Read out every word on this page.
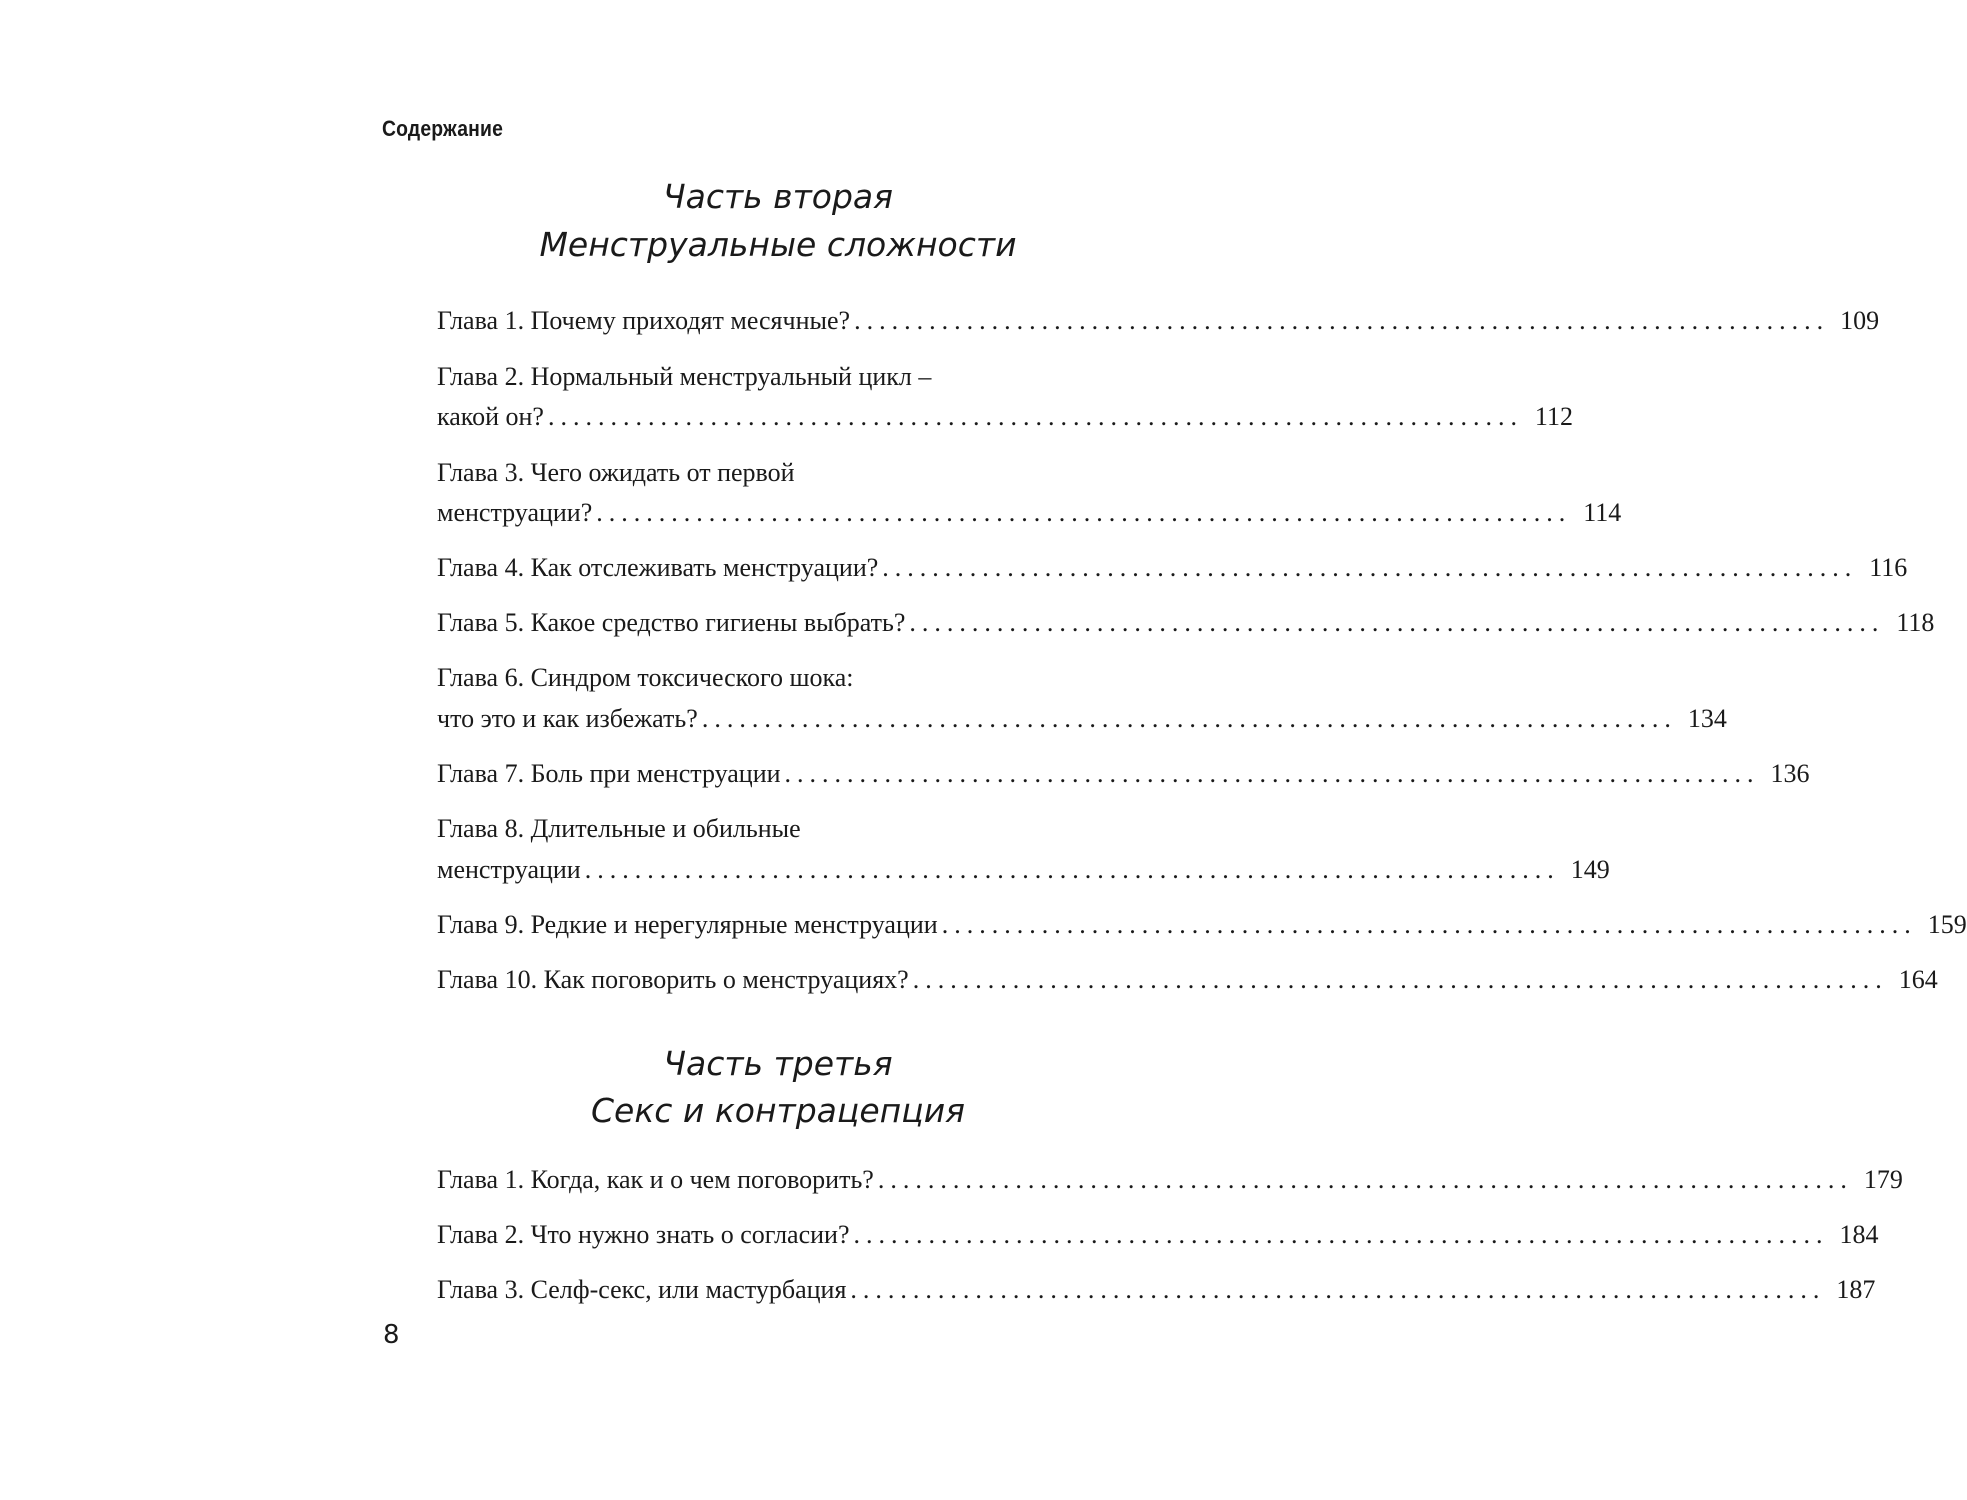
Содержание
Часть вторая
Менструальные сложности
Глава 1. Почему приходят месячные? .............................................................................. 109
Глава 2. Нормальный менструальный цикл –
какой он? .............................................................................. 112
Глава 3. Чего ожидать от первой
менструации? .............................................................................. 114
Глава 4. Как отслеживать менструации? .............................................................................. 116
Глава 5. Какое средство гигиены выбрать? .............................................................................. 118
Глава 6. Синдром токсического шока:
что это и как избежать? .............................................................................. 134
Глава 7. Боль при менструации .............................................................................. 136
Глава 8. Длительные и обильные
менструации .............................................................................. 149
Глава 9. Редкие и нерегулярные менструации .............................................................................. 159
Глава 10. Как поговорить о менструациях? .............................................................................. 164
Часть третья
Секс и контрацепция
Глава 1. Когда, как и о чем поговорить? .............................................................................. 179
Глава 2. Что нужно знать о согласии? .............................................................................. 184
Глава 3. Селф-секс, или мастурбация .............................................................................. 187
8
